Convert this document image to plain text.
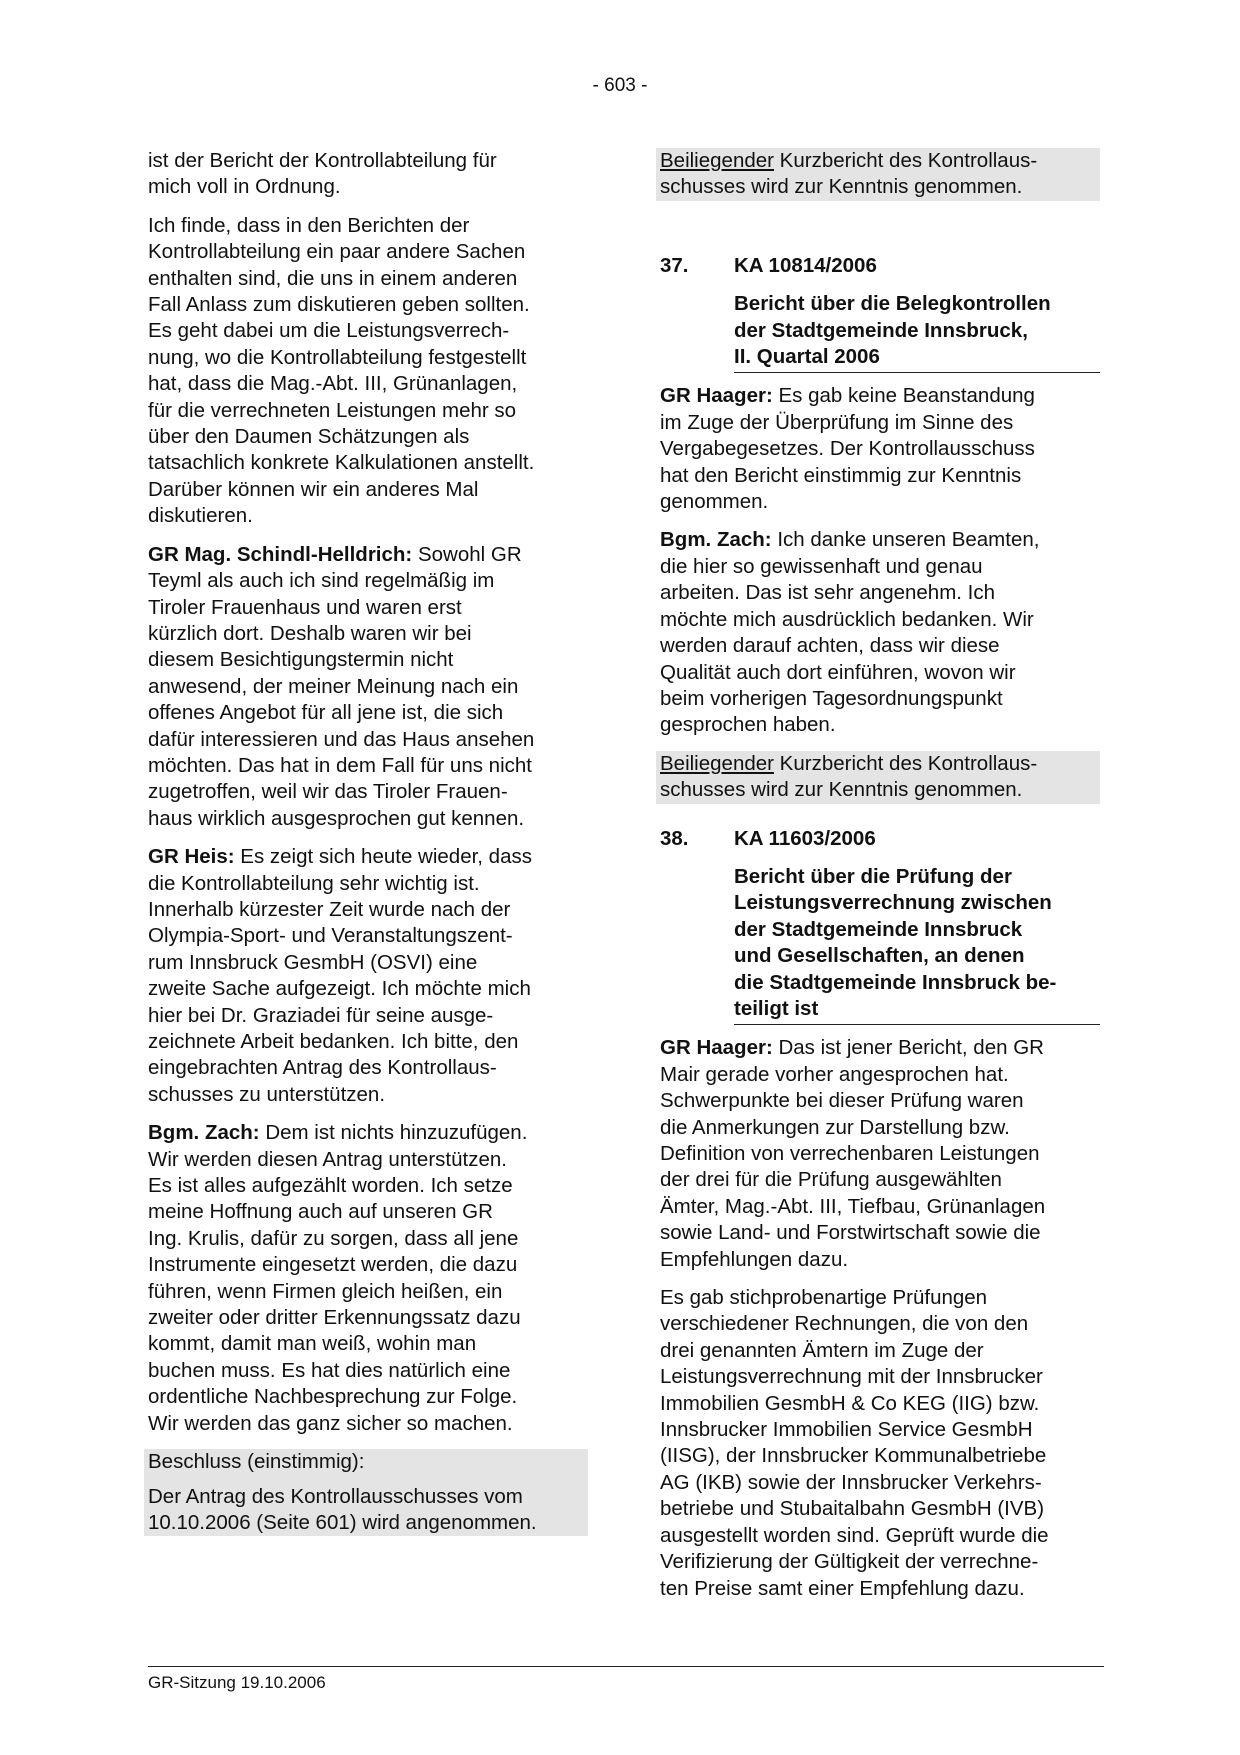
- 603 -

ist der Bericht der Kontrollabteilung für
mich voll in Ordnung.

Ich finde, dass in den Berichten der
Kontrollabteilung ein paar andere Sachen
enthalten sind, die uns in einem anderen
Fall Anlass zum diskutieren geben sollten.
Es geht dabei um die Leistungsverrech-
nung, wo die Kontrollabteilung festgestellt
hat, dass die Mag.-Abt. III, Grünanlagen,
für die verrechneten Leistungen mehr so
über den Daumen Schätzungen als
tatsachlich konkrete Kalkulationen anstellt.
Darüber können wir ein anderes Mal
diskutieren.

GR Mag. Schindl-Helldrich: Sowohl GR
Teyml als auch ich sind regelmäßig im
Tiroler Frauenhaus und waren erst
kürzlich dort. Deshalb waren wir bei
diesem Besichtigungstermin nicht
anwesend, der meiner Meinung nach ein
offenes Angebot für all jene ist, die sich
dafür interessieren und das Haus ansehen
möchten. Das hat in dem Fall für uns nicht
zugetroffen, weil wir das Tiroler Frauen-
haus wirklich ausgesprochen gut kennen.

GR Heis: Es zeigt sich heute wieder, dass
die Kontrollabteilung sehr wichtig ist.
Innerhalb kürzester Zeit wurde nach der
Olympia-Sport- und Veranstaltungszent-
rum Innsbruck GesmbH (OSVI) eine
zweite Sache aufgezeigt. Ich möchte mich
hier bei Dr. Graziadei für seine ausge-
zeichnete Arbeit bedanken. Ich bitte, den
eingebrachten Antrag des Kontrollaus-
schusses zu unterstützen.

Bgm. Zach: Dem ist nichts hinzuzufügen.
Wir werden diesen Antrag unterstützen.
Es ist alles aufgezählt worden. Ich setze
meine Hoffnung auch auf unseren GR
Ing. Krulis, dafür zu sorgen, dass all jene
Instrumente eingesetzt werden, die dazu
führen, wenn Firmen gleich heißen, ein
zweiter oder dritter Erkennungssatz dazu
kommt, damit man weiß, wohin man
buchen muss. Es hat dies natürlich eine
ordentliche Nachbesprechung zur Folge.
Wir werden das ganz sicher so machen.

Beschluss (einstimmig):

Der Antrag des Kontrollausschusses vom
10.10.2006 (Seite 601) wird angenommen.

Beiliegender Kurzbericht des Kontrollaus-
schusses wird zur Kenntnis genommen.

37.	KA 10814/2006
Bericht über die Belegkontrollen
der Stadtgemeinde Innsbruck,
II. Quartal 2006

GR Haager: Es gab keine Beanstandung
im Zuge der Überprüfung im Sinne des
Vergabegesetzes. Der Kontrollausschuss
hat den Bericht einstimmig zur Kenntnis
genommen.

Bgm. Zach: Ich danke unseren Beamten,
die hier so gewissenhaft und genau
arbeiten. Das ist sehr angenehm. Ich
möchte mich ausdrücklich bedanken. Wir
werden darauf achten, dass wir diese
Qualität auch dort einführen, wovon wir
beim vorherigen Tagesordnungspunkt
gesprochen haben.

Beiliegender Kurzbericht des Kontrollaus-
schusses wird zur Kenntnis genommen.

38.	KA 11603/2006
Bericht über die Prüfung der
Leistungsverrechnung zwischen
der Stadtgemeinde Innsbruck
und Gesellschaften, an denen
die Stadtgemeinde Innsbruck be-
teiligt ist

GR Haager: Das ist jener Bericht, den GR
Mair gerade vorher angesprochen hat.
Schwerpunkte bei dieser Prüfung waren
die Anmerkungen zur Darstellung bzw.
Definition von verrechenbaren Leistungen
der drei für die Prüfung ausgewählten
Ämter, Mag.-Abt. III, Tiefbau, Grünanlagen
sowie Land- und Forstwirtschaft sowie die
Empfehlungen dazu.

Es gab stichprobenartige Prüfungen
verschiedener Rechnungen, die von den
drei genannten Ämtern im Zuge der
Leistungsverrechnung mit der Innsbrucker
Immobilien GesmbH & Co KEG (IIG) bzw.
Innsbrucker Immobilien Service GesmbH
(IISG), der Innsbrucker Kommunalbetriebe
AG (IKB) sowie der Innsbrucker Verkehrs-
betriebe und Stubaitalbahn GesmbH (IVB)
ausgestellt worden sind. Geprüft wurde die
Verifizierung der Gültigkeit der verrechne-
ten Preise samt einer Empfehlung dazu.

GR-Sitzung 19.10.2006
